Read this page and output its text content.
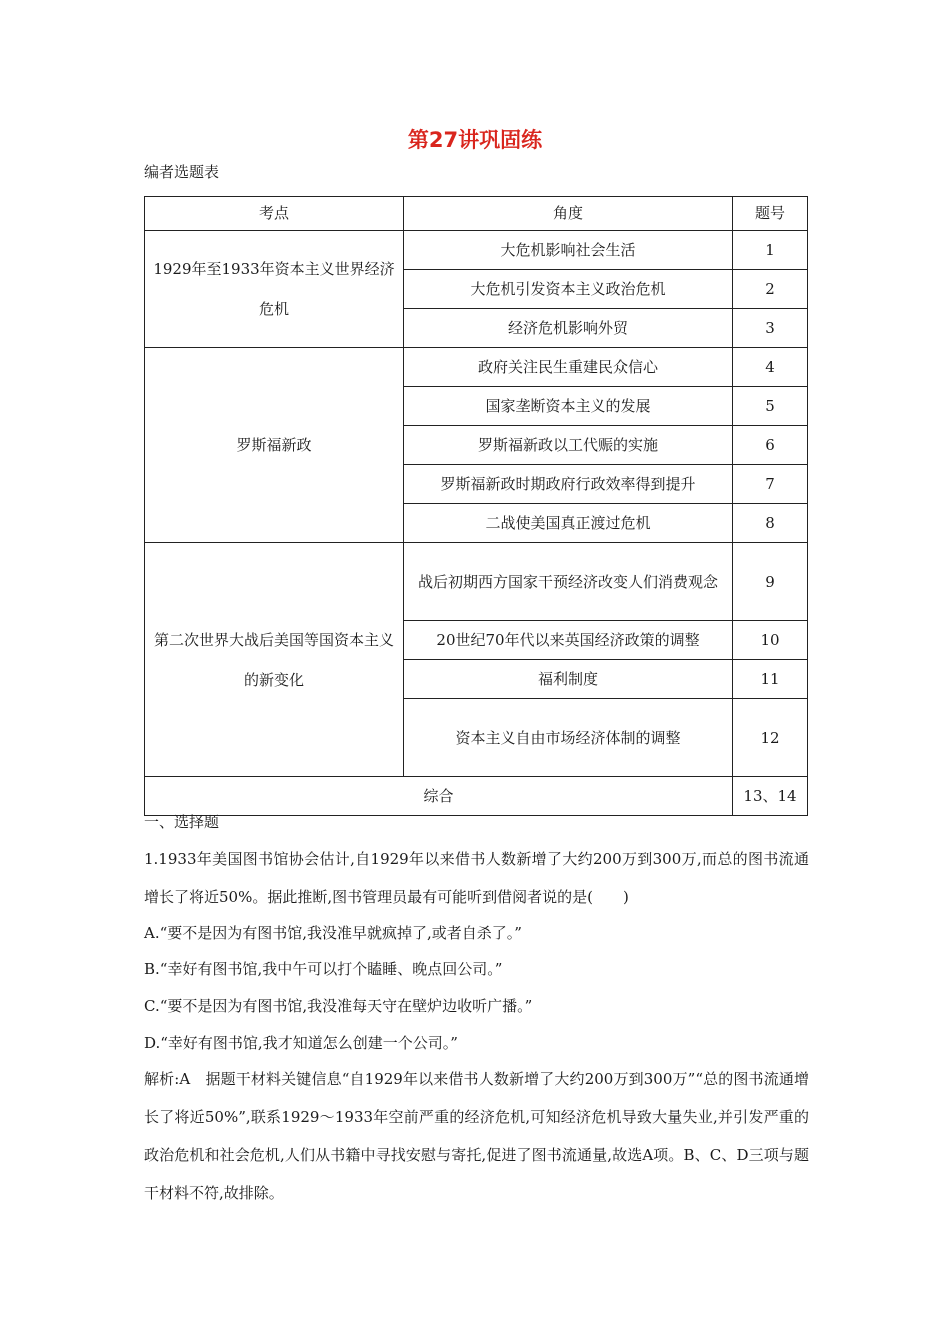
第27讲巩固练
编者选题表
考点	角度	题号
1929年至1933年资本主义世界经济危机	大危机影响社会生活	1
	大危机引发资本主义政治危机	2
	经济危机影响外贸	3
罗斯福新政	政府关注民生重建民众信心	4
	国家垄断资本主义的发展	5
	罗斯福新政以工代赈的实施	6
	罗斯福新政时期政府行政效率得到提升	7
	二战使美国真正渡过危机	8
第二次世界大战后美国等国资本主义的新变化	战后初期西方国家干预经济改变人们消费观念	9
	20世纪70年代以来英国经济政策的调整	10
	福利制度	11
	资本主义自由市场经济体制的调整	12
综合		13、14
一、选择题
1.1933年美国图书馆协会估计,自1929年以来借书人数新增了大约200万到300万,而总的图书流通增长了将近50%。据此推断,图书管理员最有可能听到借阅者说的是(　　)
A.“要不是因为有图书馆,我没准早就疯掉了,或者自杀了。”
B.“幸好有图书馆,我中午可以打个瞌睡、晚点回公司。”
C.“要不是因为有图书馆,我没准每天守在壁炉边收听广播。”
D.“幸好有图书馆,我才知道怎么创建一个公司。”
解析:A　据题干材料关键信息“自1929年以来借书人数新增了大约200万到300万”“总的图书流通增长了将近50%”,联系1929～1933年空前严重的经济危机,可知经济危机导致大量失业,并引发严重的政治危机和社会危机,人们从书籍中寻找安慰与寄托,促进了图书流通量,故选A项。B、C、D三项与题干材料不符,故排除。
